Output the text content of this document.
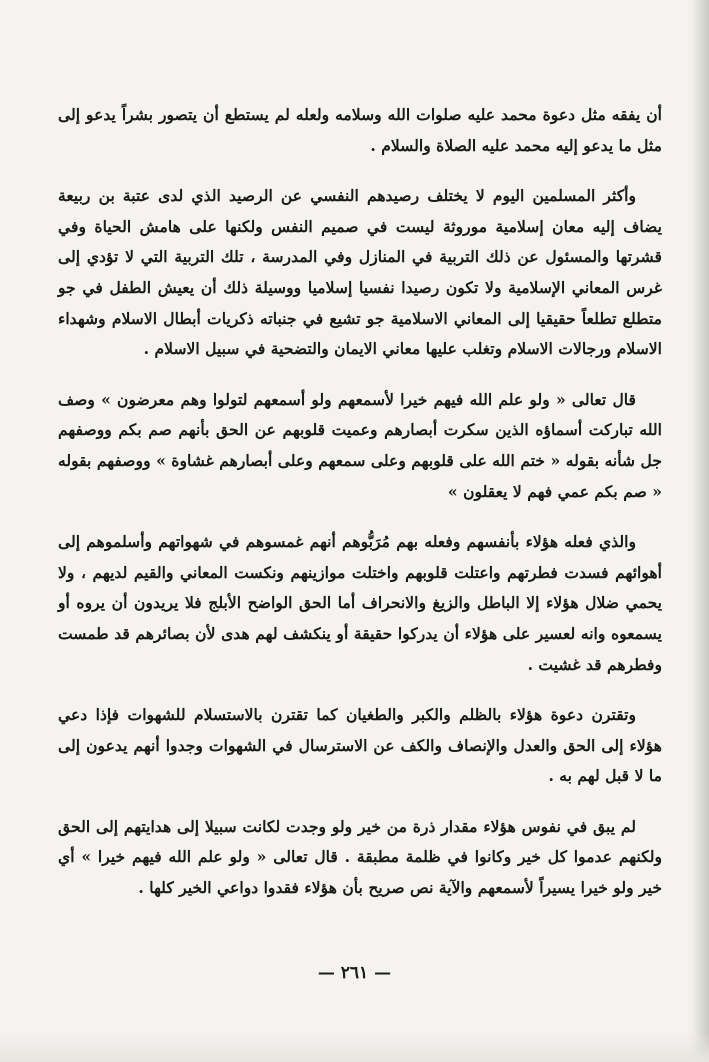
أن يفقه مثل دعوة محمد عليه صلوات الله وسلامه ولعله لم يستطع أن يتصور بشراً يدعو إلى مثل ما يدعو إليه محمد عليه الصلاة والسلام .

وأكثر المسلمين اليوم لا يختلف رصيدهم النفسي عن الرصيد الذي لدى عتبة بن ربيعة يضاف إليه معان إسلامية موروثة ليست في صميم النفس ولكنها على هامش الحياة وفي قشرتها والمسئول عن ذلك التربية في المنازل وفي المدرسة ، تلك التربية التي لا تؤدي إلى غرس المعاني الإسلامية ولا تكون رصيدا نفسيا إسلاميا ووسيلة ذلك أن يعيش الطفل في جو متطلع تطلعاً حقيقيا إلى المعاني الاسلامية جو تشيع في جنباته ذكريات أبطال الاسلام وشهداء الاسلام ورجالات الاسلام وتغلب عليها معاني الايمان والتضحية في سبيل الاسلام .

قال تعالى « ولو علم الله فيهم خيرا لأسمعهم ولو أسمعهم لتولوا وهم معرضون » وصف الله تباركت أسماؤه الذين سكرت أبصارهم وعميت قلوبهم عن الحق بأنهم صم بكم ووصفهم جل شأنه بقوله « ختم الله على قلوبهم وعلى سمعهم وعلى أبصارهم غشاوة » ووصفهم بقوله « صم بكم عمي فهم لا يعقلون »

والذي فعله هؤلاء بأنفسهم وفعله بهم مُرَبُّوهم أنهم غمسوهم في شهواتهم وأسلموهم إلى أهوائهم فسدت فطرتهم واعتلت قلوبهم واختلت موازينهم ونكست المعاني والقيم لديهم ، ولا يحمي ضلال هؤلاء إلا الباطل والزيغ والانحراف أما الحق الواضح الأبلج فلا يريدون أن يروه أو يسمعوه وانه لعسير على هؤلاء أن يدركوا حقيقة أو ينكشف لهم هدى لأن بصائرهم قد طمست وفطرهم قد غشيت .

وتقترن دعوة هؤلاء بالظلم والكبر والطغيان كما تقترن بالاستسلام للشهوات فإذا دعي هؤلاء إلى الحق والعدل والإنصاف والكف عن الاسترسال في الشهوات وجدوا أنهم يدعون إلى ما لا قبل لهم به .

لم يبق في نفوس هؤلاء مقدار ذرة من خير ولو وجدت لكانت سبيلا إلى هدايتهم إلى الحق ولكنهم عدموا كل خير وكانوا في ظلمة مطبقة . قال تعالى « ولو علم الله فيهم خيرا » أي خير ولو خيرا يسيراً لأسمعهم والآية نص صريح بأن هؤلاء فقدوا دواعي الخير كلها .

— ٢٦١ —
